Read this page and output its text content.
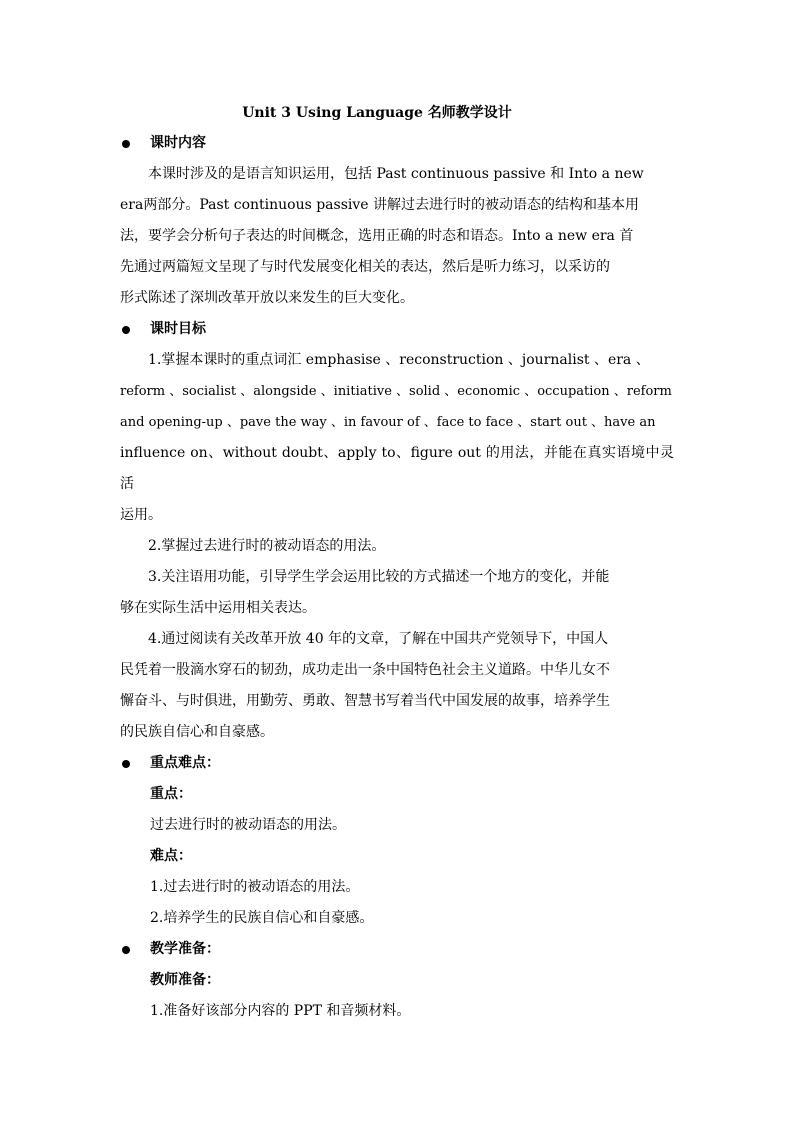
Unit 3 Using Language 名师教学设计
课时内容

本课时涉及的是语言知识运用，包括 Past continuous passive 和 Into a new
era两部分。Past continuous passive 讲解过去进行时的被动语态的结构和基本用
法，要学会分析句子表达的时间概念，选用正确的时态和语态。Into a new era 首
先通过两篇短文呈现了与时代发展变化相关的表达，然后是听力练习，以采访的
形式陈述了深圳改革开放以来发生的巨大变化。

课时目标

1.掌握本课时的重点词汇 emphasise 、reconstruction 、journalist 、era 、
reform 、socialist 、alongside 、initiative 、solid 、economic 、occupation 、reform
and opening-up 、pave the way 、in favour of 、face to face 、start out 、have an
influence on、without doubt、apply to、figure out 的用法，并能在真实语境中灵活
运用。

2.掌握过去进行时的被动语态的用法。

3.关注语用功能，引导学生学会运用比较的方式描述一个地方的变化，并能
够在实际生活中运用相关表达。

4.通过阅读有关改革开放 40 年的文章，了解在中国共产党领导下，中国人
民凭着一股滴水穿石的韧劲，成功走出一条中国特色社会主义道路。中华儿女不
懈奋斗、与时俱进，用勤劳、勇敢、智慧书写着当代中国发展的故事，培养学生
的民族自信心和自豪感。

重点难点：

重点：

过去进行时的被动语态的用法。

难点：

1.过去进行时的被动语态的用法。

2.培养学生的民族自信心和自豪感。

教学准备：

教师准备：

1.准备好该部分内容的 PPT 和音频材料。
